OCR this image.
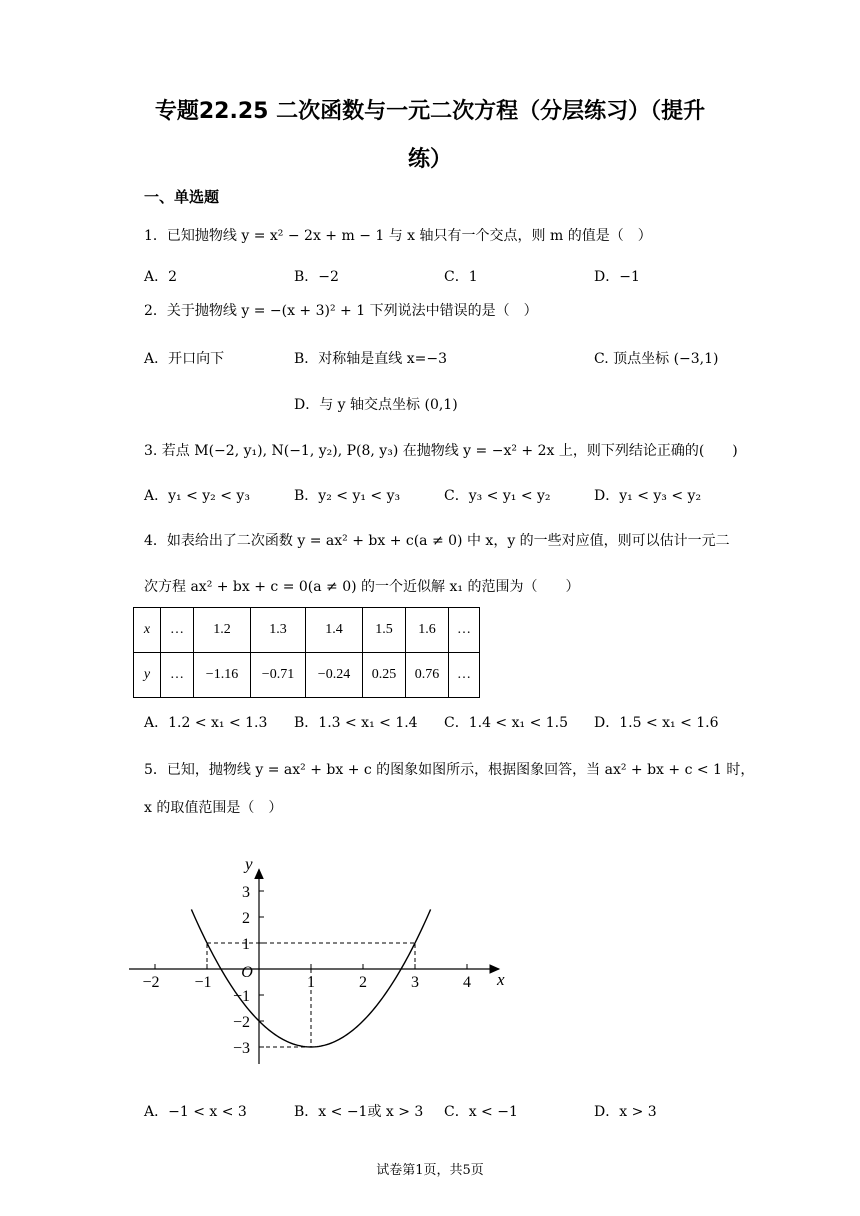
专题22.25 二次函数与一元二次方程（分层练习）（提升
练）
一、单选题
1．已知抛物线 y = x² − 2x + m − 1 与 x 轴只有一个交点，则 m 的值是（　）
A．2	B．−2	C．1	D．−1
2．关于抛物线 y = −(x + 3)² + 1 下列说法中错误的是（　）
A．开口向下	B．对称轴是直线 x=−3	C. 顶点坐标 (−3,1)
D．与 y 轴交点坐标 (0,1)
3. 若点 M(−2, y₁), N(−1, y₂), P(8, y₃) 在抛物线 y = −x² + 2x 上，则下列结论正确的(　　)
A．y₁ < y₂ < y₃	B．y₂ < y₁ < y₃	C．y₃ < y₁ < y₂	D．y₁ < y₃ < y₂
4．如表给出了二次函数 y = ax² + bx + c(a ≠ 0) 中 x，y 的一些对应值，则可以估计一元二
次方程 ax² + bx + c = 0(a ≠ 0) 的一个近似解 x₁ 的范围为（　　）
x	…	1.2	1.3	1.4	1.5	1.6	…
y	…	−1.16	−0.71	−0.24	0.25	0.76	…
A．1.2 < x₁ < 1.3 B．1.3 < x₁ < 1.4 C．1.4 < x₁ < 1.5 D．1.5 < x₁ < 1.6
5．已知，抛物线 y = ax² + bx + c 的图象如图所示，根据图象回答，当 ax² + bx + c < 1 时，
x 的取值范围是（　）
−2 −1	1	2	3	4
3
2
1
−1
−2
−3
x
y
O
A．−1 < x < 3	B．x < −1或 x > 3 C．x < −1	D．x > 3
试卷第1页，共5页
